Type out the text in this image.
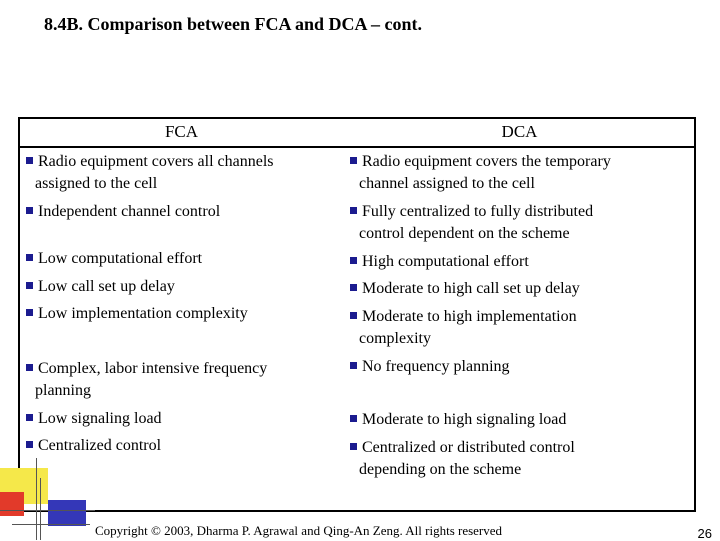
8.4B. Comparison between FCA and DCA – cont.
FCA	DCA
Radio equipment covers all channels
assigned to the cell
Independent channel control
Low computational effort
Low call set up delay
Low implementation complexity
Complex, labor intensive frequency
planning
Low signaling load
Centralized control
Radio equipment covers the temporary
channel assigned to the cell
Fully centralized to fully distributed
control dependent on the scheme
High computational effort
Moderate to high call set up delay
Moderate to high implementation
complexity
No frequency planning
Moderate to high signaling load
Centralized or distributed control
depending on the scheme
Copyright © 2003, Dharma P. Agrawal and Qing-An Zeng. All rights reserved	26
